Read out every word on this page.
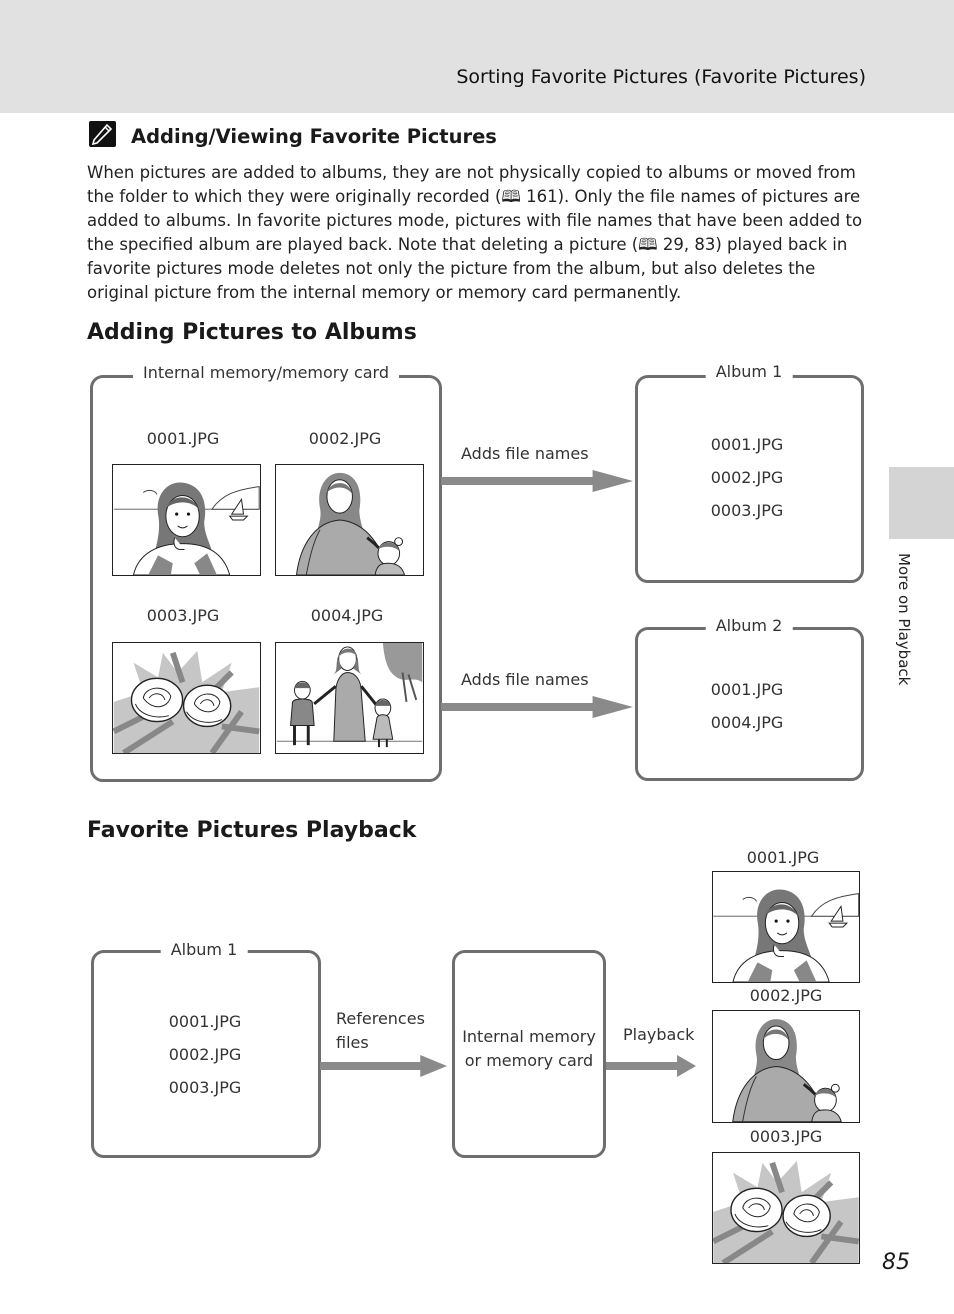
Sorting Favorite Pictures (Favorite Pictures)
More on Playback
Adding/Viewing Favorite Pictures
When pictures are added to albums, they are not physically copied to albums or moved from the folder to which they were originally recorded (🕮 161). Only the file names of pictures are added to albums. In favorite pictures mode, pictures with file names that have been added to the specified album are played back. Note that deleting a picture (🕮 29, 83) played back in favorite pictures mode deletes not only the picture from the album, but also deletes the original picture from the internal memory or memory card permanently.
Adding Pictures to Albums
Internal memory/memory card
0001.JPG	0002.JPG
0003.JPG	0004.JPG
Adds file names
Adds file names
Album 1
0001.JPG
0002.JPG
0003.JPG
Album 2
0001.JPG
0004.JPG
Favorite Pictures Playback
Album 1
0001.JPG
0002.JPG
0003.JPG
References files	Internal memory or memory card
Playback
0001.JPG
0002.JPG
0003.JPG
85
